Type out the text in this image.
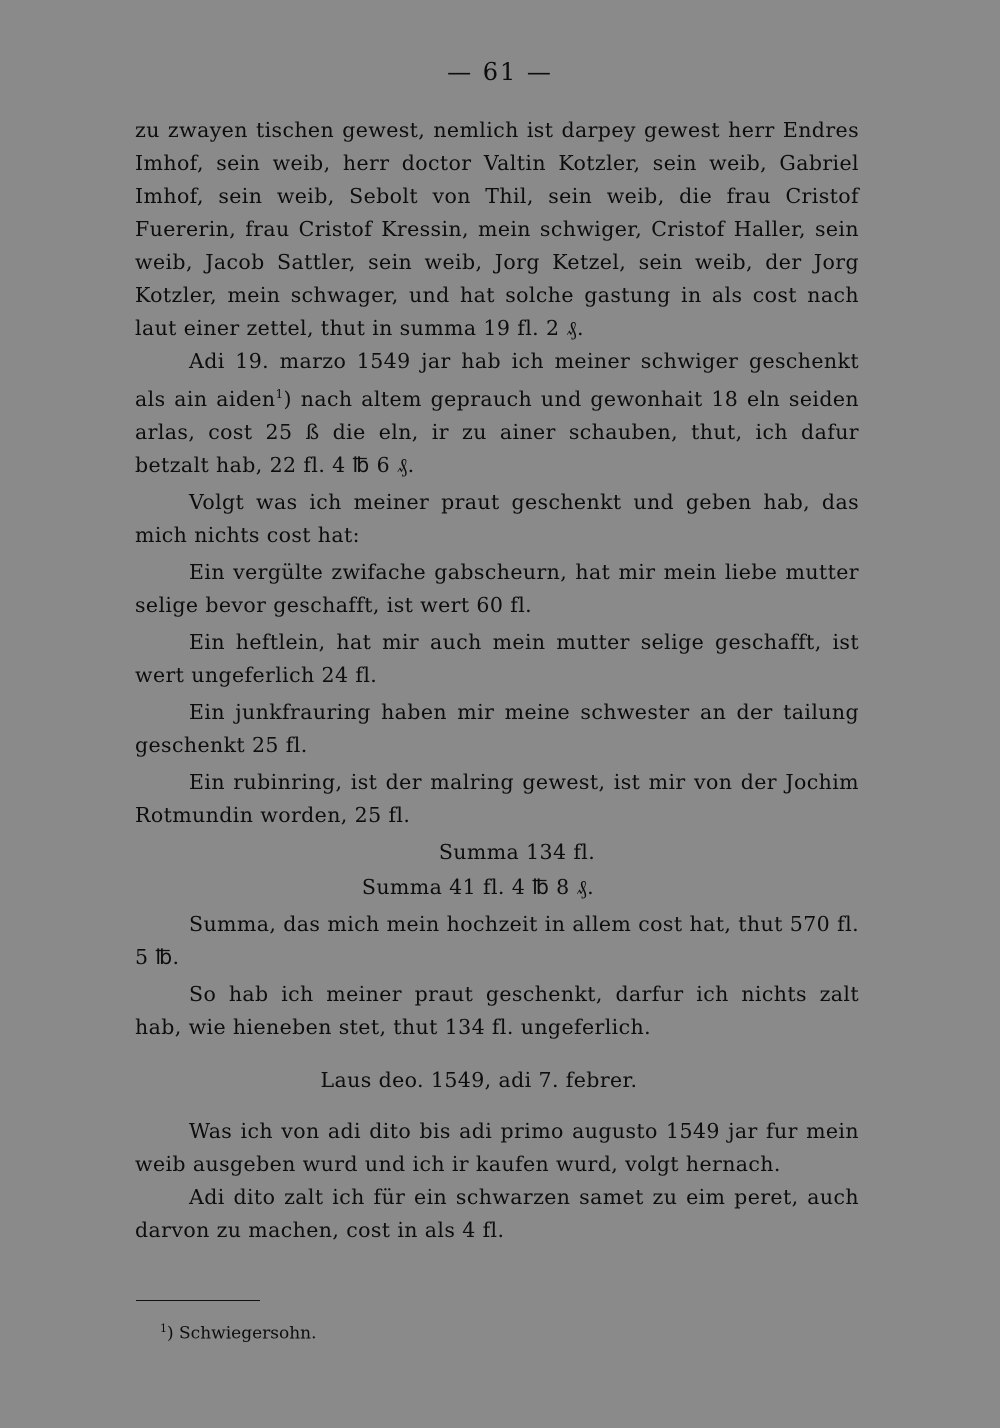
— 61 —

zu zwayen tischen gewest, nemlich ist darpey gewest herr Endres Imhof, sein weib, herr doctor Valtin Kotzler, sein weib, Gabriel Imhof, sein weib, Sebolt von Thil, sein weib, die frau Cristof Fuererin, frau Cristof Kressin, mein schwiger, Cristof Haller, sein weib, Jacob Sattler, sein weib, Jorg Ketzel, sein weib, der Jorg Kotzler, mein schwager, und hat solche gastung in als cost nach laut einer zettel, thut in summa 19 fl. 2 ₰.

Adi 19. marzo 1549 jar hab ich meiner schwiger geschenkt als ain aiden$^1$) nach altem geprauch und gewonhait 18 eln seiden arlas, cost 25 ß die eln, ir zu ainer schauben, thut, ich dafur betzalt hab, 22 fl. 4 ℔ 6 ₰.

Volgt was ich meiner praut geschenkt und geben hab, das mich nichts cost hat:

Ein vergülte zwifache gabscheurn, hat mir mein liebe mutter selige bevor geschafft, ist wert 60 fl.

Ein heftlein, hat mir auch mein mutter selige geschafft, ist wert ungeferlich 24 fl.

Ein junkfrauring haben mir meine schwester an der tailung geschenkt 25 fl.

Ein rubinring, ist der malring gewest, ist mir von der Jochim Rotmundin worden, 25 fl.

Summa 134 fl.

Summa 41 fl. 4 ℔ 8 ₰.

Summa, das mich mein hochzeit in allem cost hat, thut 570 fl. 5 ℔.

So hab ich meiner praut geschenkt, darfur ich nichts zalt hab, wie hieneben stet, thut 134 fl. ungeferlich.

Laus deo. 1549, adi 7. febrer.

Was ich von adi dito bis adi primo augusto 1549 jar fur mein weib ausgeben wurd und ich ir kaufen wurd, volgt hernach.

Adi dito zalt ich für ein schwarzen samet zu eim peret, auch darvon zu machen, cost in als 4 fl.

$^1$) Schwiegersohn.
